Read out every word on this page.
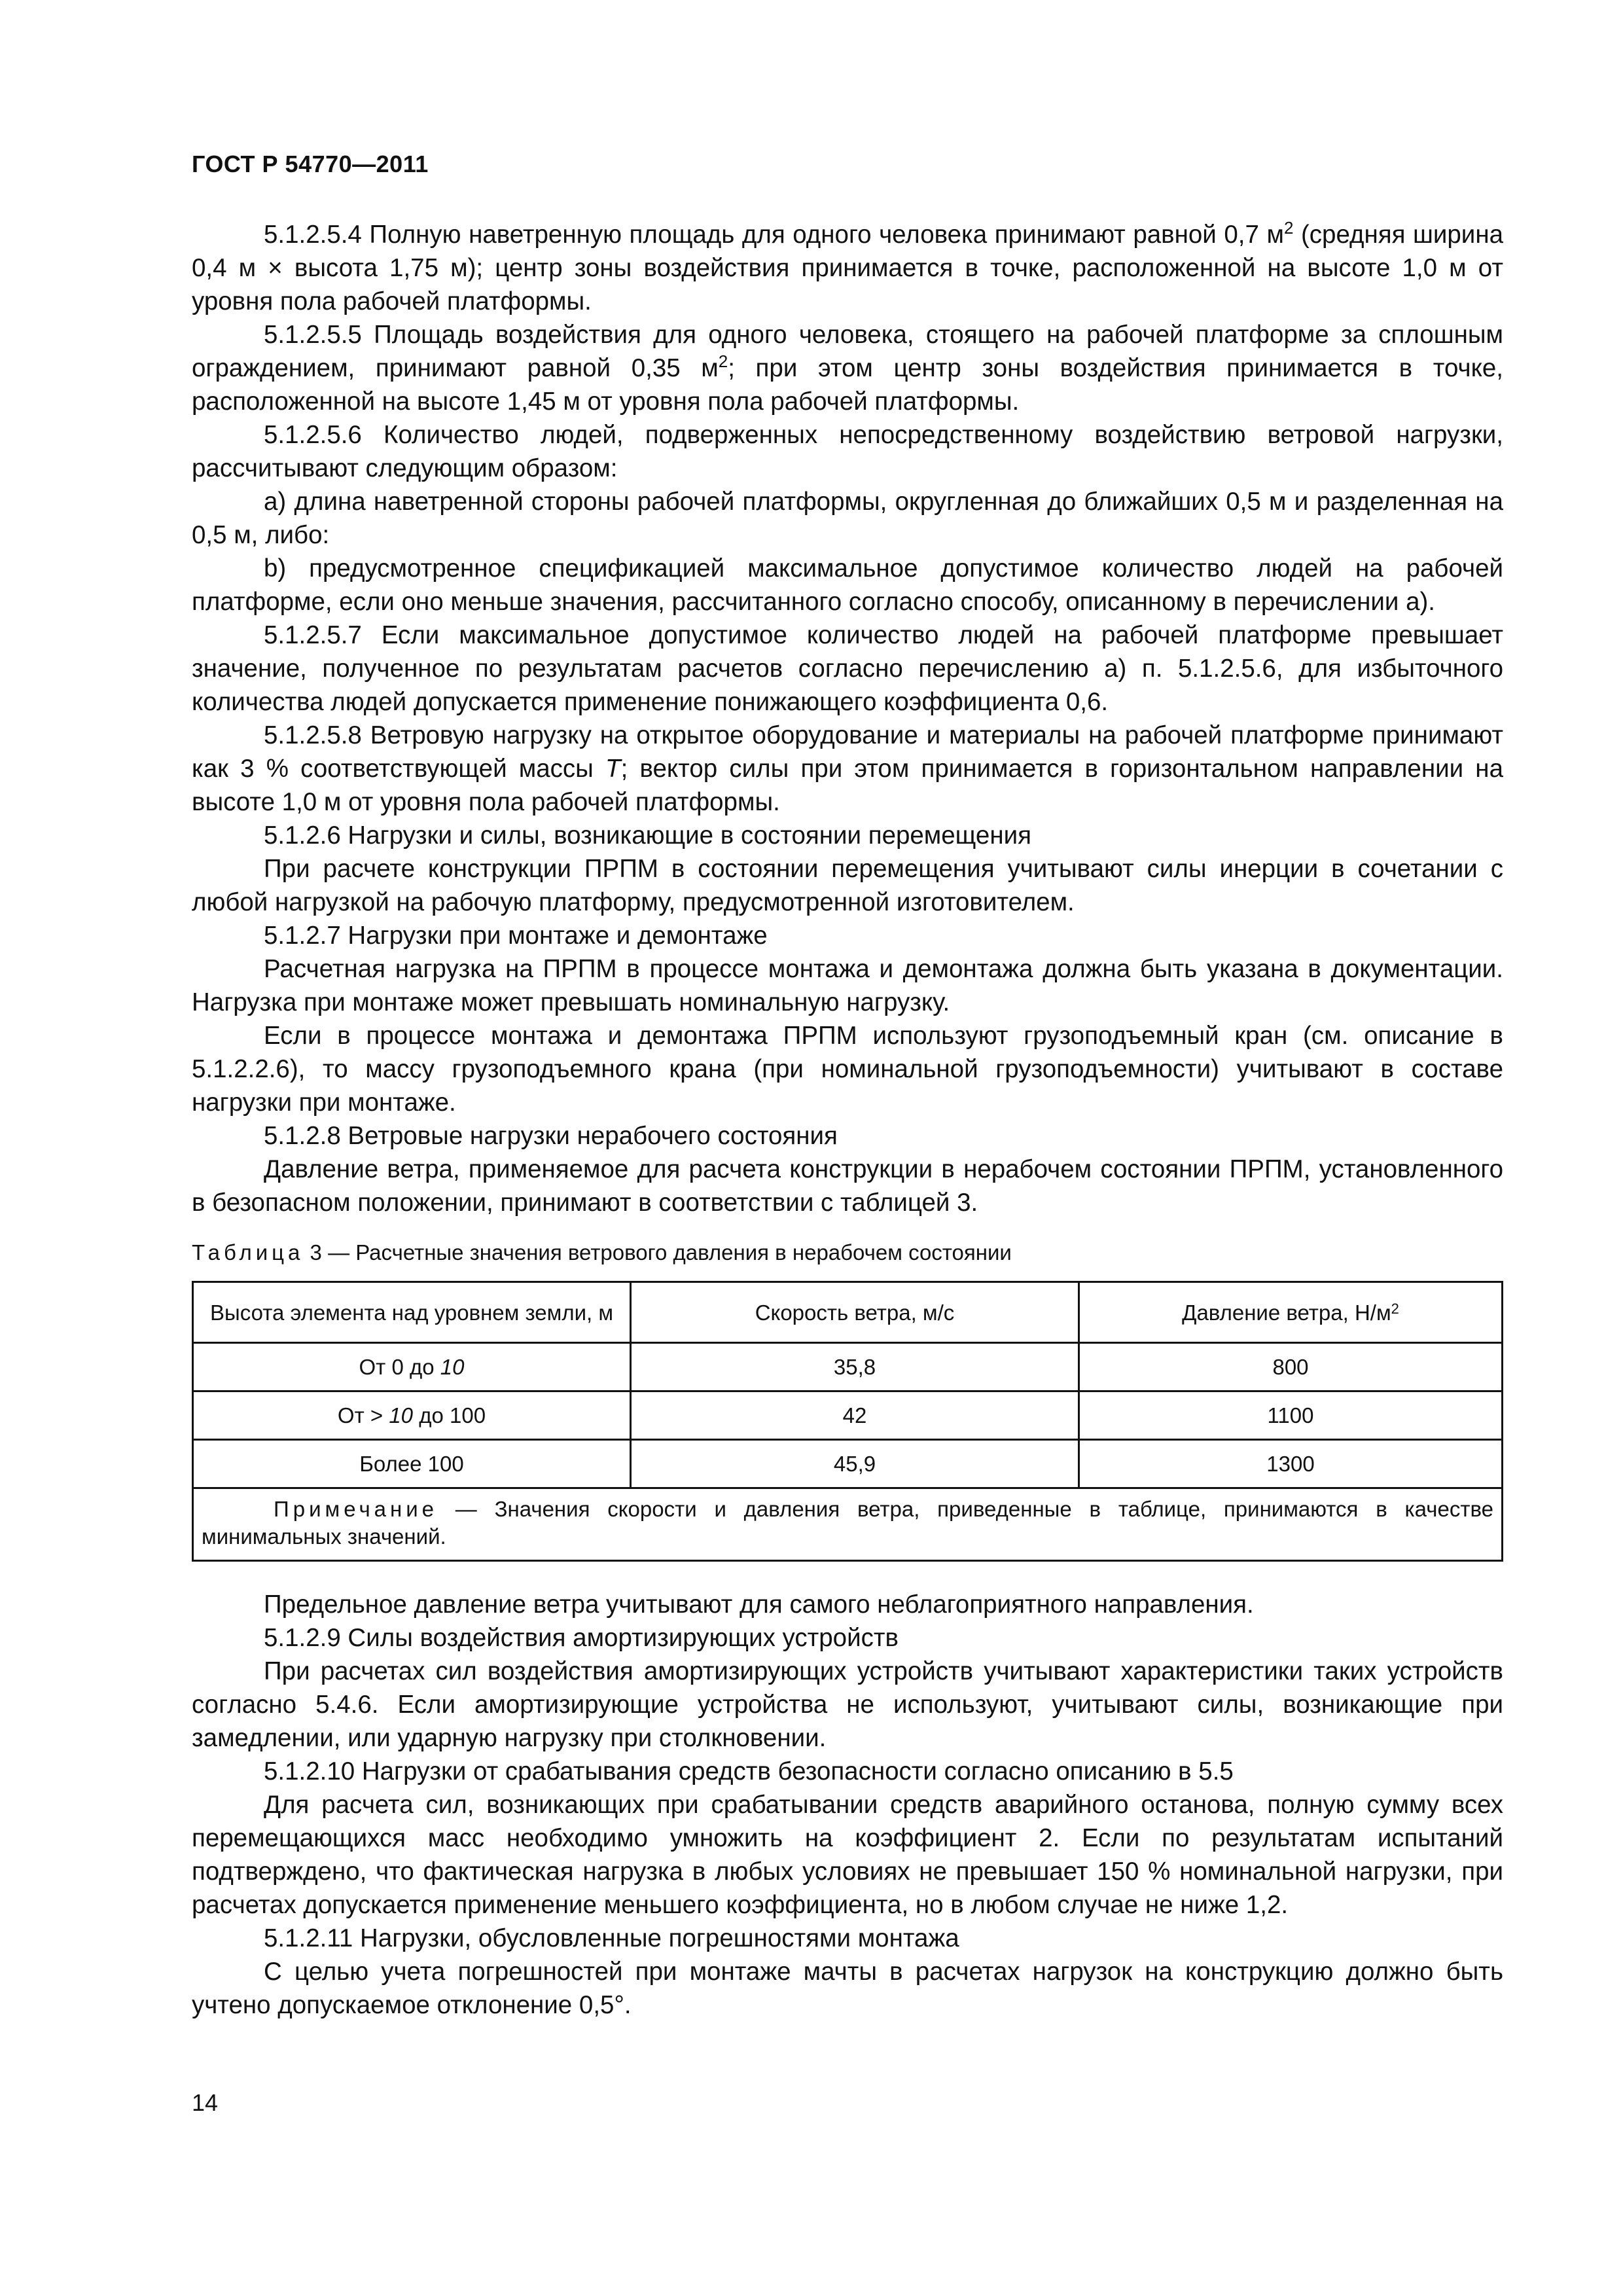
ГОСТ Р 54770—2011

5.1.2.5.4 Полную наветренную площадь для одного человека принимают равной 0,7 $м^2$ (средняя ширина 0,4 м × высота 1,75 м); центр зоны воздействия принимается в точке, расположенной на высоте 1,0 м от уровня пола рабочей платформы.

5.1.2.5.5 Площадь воздействия для одного человека, стоящего на рабочей платформе за сплошным ограждением, принимают равной 0,35 $м^2$; при этом центр зоны воздействия принимается в точке, расположенной на высоте 1,45 м от уровня пола рабочей платформы.

5.1.2.5.6 Количество людей, подверженных непосредственному воздействию ветровой нагрузки, рассчитывают следующим образом:

а) длина наветренной стороны рабочей платформы, округленная до ближайших 0,5 м и разделенная на 0,5 м, либо:

b) предусмотренное спецификацией максимальное допустимое количество людей на рабочей платформе, если оно меньше значения, рассчитанного согласно способу, описанному в перечислении а).

5.1.2.5.7 Если максимальное допустимое количество людей на рабочей платформе превышает значение, полученное по результатам расчетов согласно перечислению а) п. 5.1.2.5.6, для избыточного количества людей допускается применение понижающего коэффициента 0,6.

5.1.2.5.8 Ветровую нагрузку на открытое оборудование и материалы на рабочей платформе принимают как 3 % соответствующей массы Т; вектор силы при этом принимается в горизонтальном направлении на высоте 1,0 м от уровня пола рабочей платформы.

5.1.2.6 Нагрузки и силы, возникающие в состоянии перемещения

При расчете конструкции ПРПМ в состоянии перемещения учитывают силы инерции в сочетании с любой нагрузкой на рабочую платформу, предусмотренной изготовителем.

5.1.2.7 Нагрузки при монтаже и демонтаже

Расчетная нагрузка на ПРПМ в процессе монтажа и демонтажа должна быть указана в документации. Нагрузка при монтаже может превышать номинальную нагрузку.

Если в процессе монтажа и демонтажа ПРПМ используют грузоподъемный кран (см. описание в 5.1.2.2.6), то массу грузоподъемного крана (при номинальной грузоподъемности) учитывают в составе нагрузки при монтаже.

5.1.2.8 Ветровые нагрузки нерабочего состояния

Давление ветра, применяемое для расчета конструкции в нерабочем состоянии ПРПМ, установленного в безопасном положении, принимают в соответствии с таблицей 3.

Таблица 3 — Расчетные значения ветрового давления в нерабочем состоянии
Высота элемента над уровнем земли, м	Скорость ветра, м/с	Давление ветра, $Н/м^2$
От 0 до 10	35,8	800
От > 10 до 100	42	1100
Более 100	45,9	1300

Примечание — Значения скорости и давления ветра, приведенные в таблице, принимаются в качестве минимальных значений.		

Предельное давление ветра учитывают для самого неблагоприятного направления.

5.1.2.9 Силы воздействия амортизирующих устройств

При расчетах сил воздействия амортизирующих устройств учитывают характеристики таких устройств согласно 5.4.6. Если амортизирующие устройства не используют, учитывают силы, возникающие при замедлении, или ударную нагрузку при столкновении.

5.1.2.10 Нагрузки от срабатывания средств безопасности согласно описанию в 5.5

Для расчета сил, возникающих при срабатывании средств аварийного останова, полную сумму всех перемещающихся масс необходимо умножить на коэффициент 2. Если по результатам испытаний подтверждено, что фактическая нагрузка в любых условиях не превышает 150 % номинальной нагрузки, при расчетах допускается применение меньшего коэффициента, но в любом случае не ниже 1,2.

5.1.2.11 Нагрузки, обусловленные погрешностями монтажа

С целью учета погрешностей при монтаже мачты в расчетах нагрузок на конструкцию должно быть учтено допускаемое отклонение 0,5°.

14
